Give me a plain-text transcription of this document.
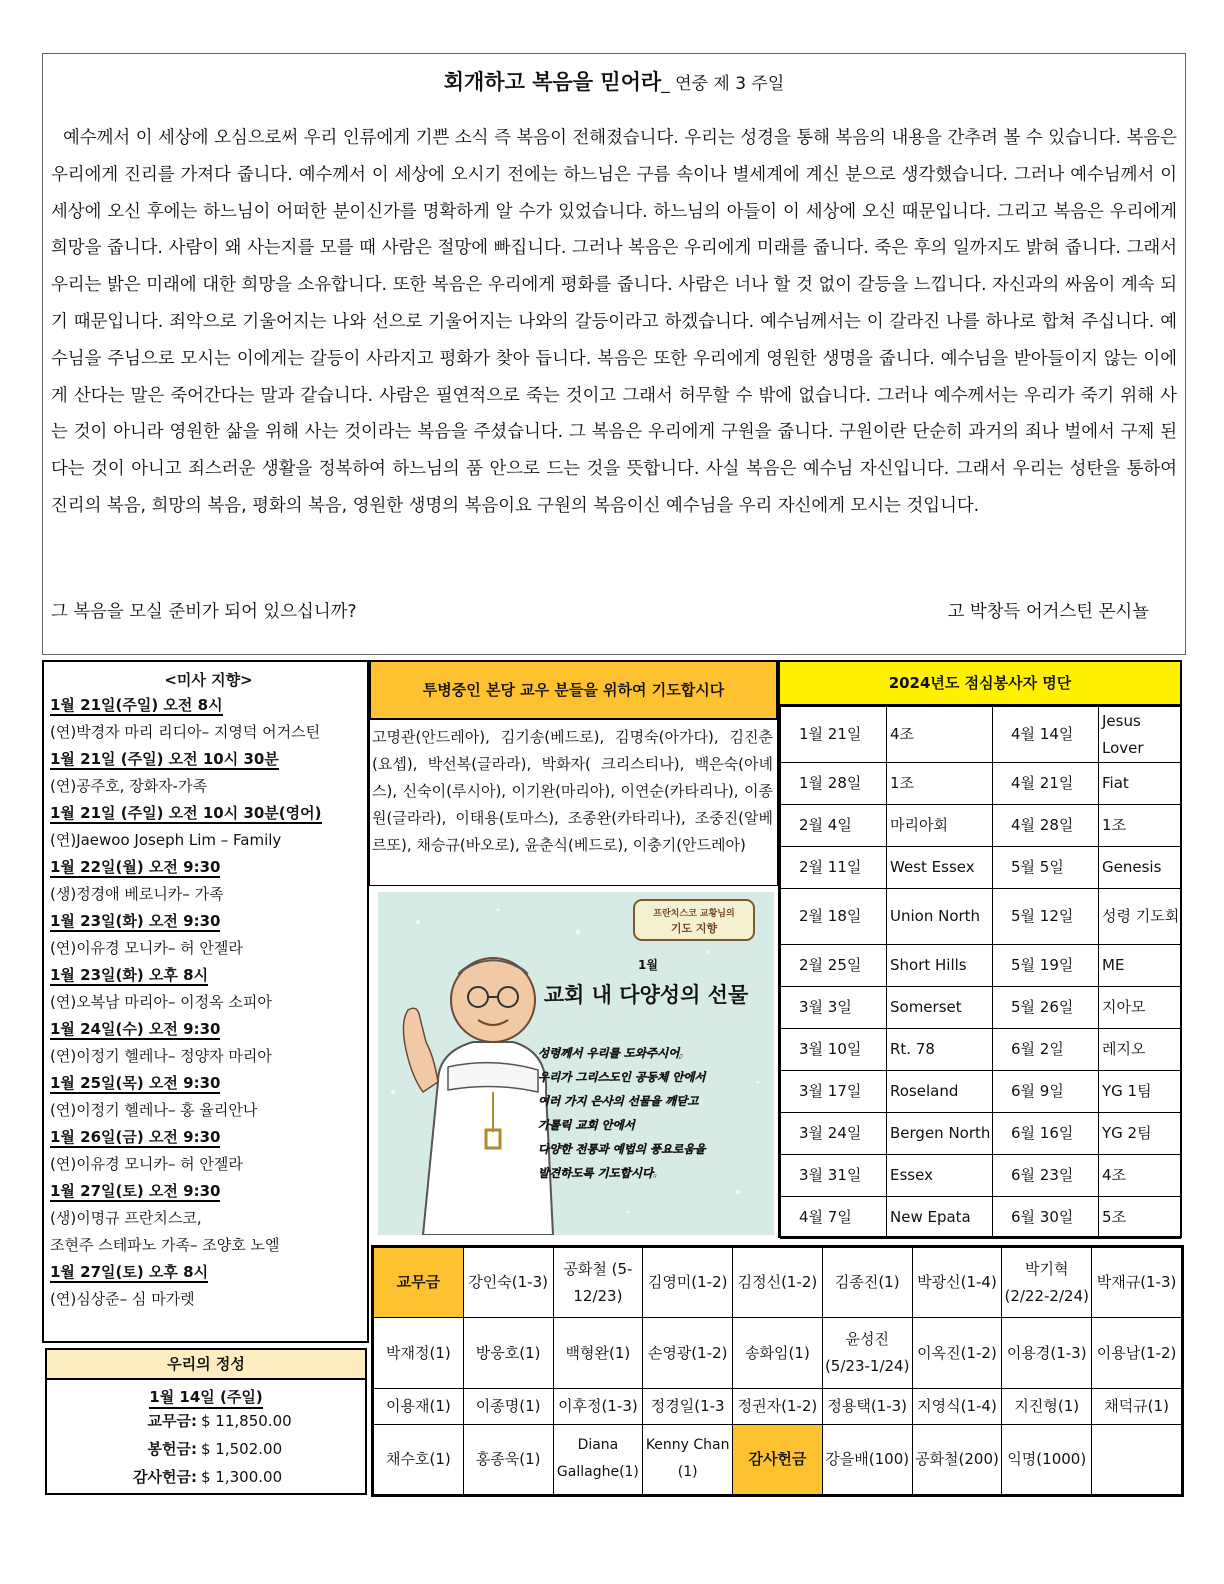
회개하고 복음을 믿어라_ 연중 제 3 주일

예수께서 이 세상에 오심으로써 우리 인류에게 기쁜 소식 즉 복음이 전해졌습니다. 우리는 성경을 통해 복음의 내용을 간추려 볼 수 있습니다. 복음은 우리에게 진리를 가져다 줍니다. 예수께서 이 세상에 오시기 전에는 하느님은 구름 속이나 별세계에 계신 분으로 생각했습니다. 그러나 예수님께서 이 세상에 오신 후에는 하느님이 어떠한 분이신가를 명확하게 알 수가 있었습니다. 하느님의 아들이 이 세상에 오신 때문입니다. 그리고 복음은 우리에게 희망을 줍니다. 사람이 왜 사는지를 모를 때 사람은 절망에 빠집니다. 그러나 복음은 우리에게 미래를 줍니다. 죽은 후의 일까지도 밝혀 줍니다. 그래서 우리는 밝은 미래에 대한 희망을 소유합니다. 또한 복음은 우리에게 평화를 줍니다. 사람은 너나 할 것 없이 갈등을 느낍니다. 자신과의 싸움이 계속 되기 때문입니다. 죄악으로 기울어지는 나와 선으로 기울어지는 나와의 갈등이라고 하겠습니다. 예수님께서는 이 갈라진 나를 하나로 합쳐 주십니다. 예수님을 주님으로 모시는 이에게는 갈등이 사라지고 평화가 찾아 듭니다. 복음은 또한 우리에게 영원한 생명을 줍니다. 예수님을 받아들이지 않는 이에게 산다는 말은 죽어간다는 말과 같습니다. 사람은 필연적으로 죽는 것이고 그래서 허무할 수 밖에 없습니다. 그러나 예수께서는 우리가 죽기 위해 사는 것이 아니라 영원한 삶을 위해 사는 것이라는 복음을 주셨습니다. 그 복음은 우리에게 구원을 줍니다. 구원이란 단순히 과거의 죄나 벌에서 구제 된다는 것이 아니고 죄스러운 생활을 정복하여 하느님의 품 안으로 드는 것을 뜻합니다. 사실 복음은 예수님 자신입니다. 그래서 우리는 성탄을 통하여 진리의 복음, 희망의 복음, 평화의 복음, 영원한 생명의 복음이요 구원의 복음이신 예수님을 우리 자신에게 모시는 것입니다.

그 복음을 모실 준비가 되어 있으십니까?	고 박창득 어거스틴 몬시뇰
<미사 지향>
1월 21일(주일) 오전 8시
(연)박경자 마리 리디아– 지영덕 어거스틴
1월 21일 (주일) 오전 10시 30분
(연)공주호, 장화자-가족
1월 21일 (주일) 오전 10시 30분(영어)
(연)Jaewoo Joseph Lim – Family
1월 22일(월) 오전 9:30
(생)정경애 베로니카– 가족
1월 23일(화) 오전 9:30
(연)이유경 모니카– 허 안젤라
1월 23일(화) 오후 8시
(연)오복남 마리아– 이정옥 소피아
1월 24일(수) 오전 9:30
(연)이정기 헬레나– 정양자 마리아
1월 25일(목) 오전 9:30
(연)이정기 헬레나– 홍 율리안나
1월 26일(금) 오전 9:30
(연)이유경 모니카– 허 안젤라
1월 27일(토) 오전 9:30
(생)이명규 프란치스코,
조현주 스테파노 가족– 조양호 노엘
1월 27일(토) 오후 8시
(연)심상준– 심 마가렛
우리의 정성
1월 14일 (주일)
교무금: $ 11,850.00
봉헌금: $ 1,502.00
감사헌금: $ 1,300.00
투병중인 본당 교우 분들을 위하여 기도합시다
고명관(안드레아), 김기송(베드로), 김명숙(아가다), 김진춘(요셉), 박선복(글라라), 박화자( 크리스티나), 백은숙(아녜스), 신숙이(루시아), 이기완(마리아), 이연순(카타리나), 이종원(글라라), 이태용(토마스), 조종완(카타리나), 조중진(알베르또), 채승규(바오로), 윤춘식(베드로), 이충기(안드레아)
프란치스코 교황님의
기도 지향
1월
교회 내 다양성의 선물
성령께서 우리를 도와주시어,
우리가 그리스도인 공동체 안에서
여러 가지 은사의 선물을 깨닫고
가톨릭 교회 안에서
다양한 전통과 예법의 풍요로움을
발견하도록 기도합시다.
2024년도 점심봉사자 명단
1월 21일	4조	4월 14일	Jesus Lover
1월 28일	1조	4월 21일	Fiat
2월 4일	마리아회	4월 28일	1조
2월 11일	West Essex	5월 5일	Genesis
2월 18일	Union North	5월 12일	성령 기도회
2월 25일	Short Hills	5월 19일	ME
3월 3일	Somerset	5월 26일	지아모
3월 10일	Rt. 78	6월 2일	레지오
3월 17일	Roseland	6월 9일	YG 1팀
3월 24일	Bergen North	6월 16일	YG 2팀
3월 31일	Essex	6월 23일	4조
4월 7일	New Epata	6월 30일	5조
교무금	강인숙(1-3)	공화철 (5-12/23)	김영미(1-2)	김정신(1-2)	김종진(1)	박광신(1-4)	박기혁 (2/22-2/24)	박재규(1-3)
박재정(1)	방웅호(1)	백형완(1)	손영광(1-2)	송화임(1)	윤성진 (5/23-1/24)	이옥진(1-2)	이용경(1-3)	이용남(1-2)
이용재(1)	이종명(1)	이후정(1-3)	정경일(1-3	정권자(1-2)	정용택(1-3)	지영식(1-4)	지진형(1)	채덕규(1)
채수호(1)	홍종욱(1)	Diana Gallaghe(1)	Kenny Chan (1)	감사헌금	강을배(100)	공화철(200)	익명(1000)	
